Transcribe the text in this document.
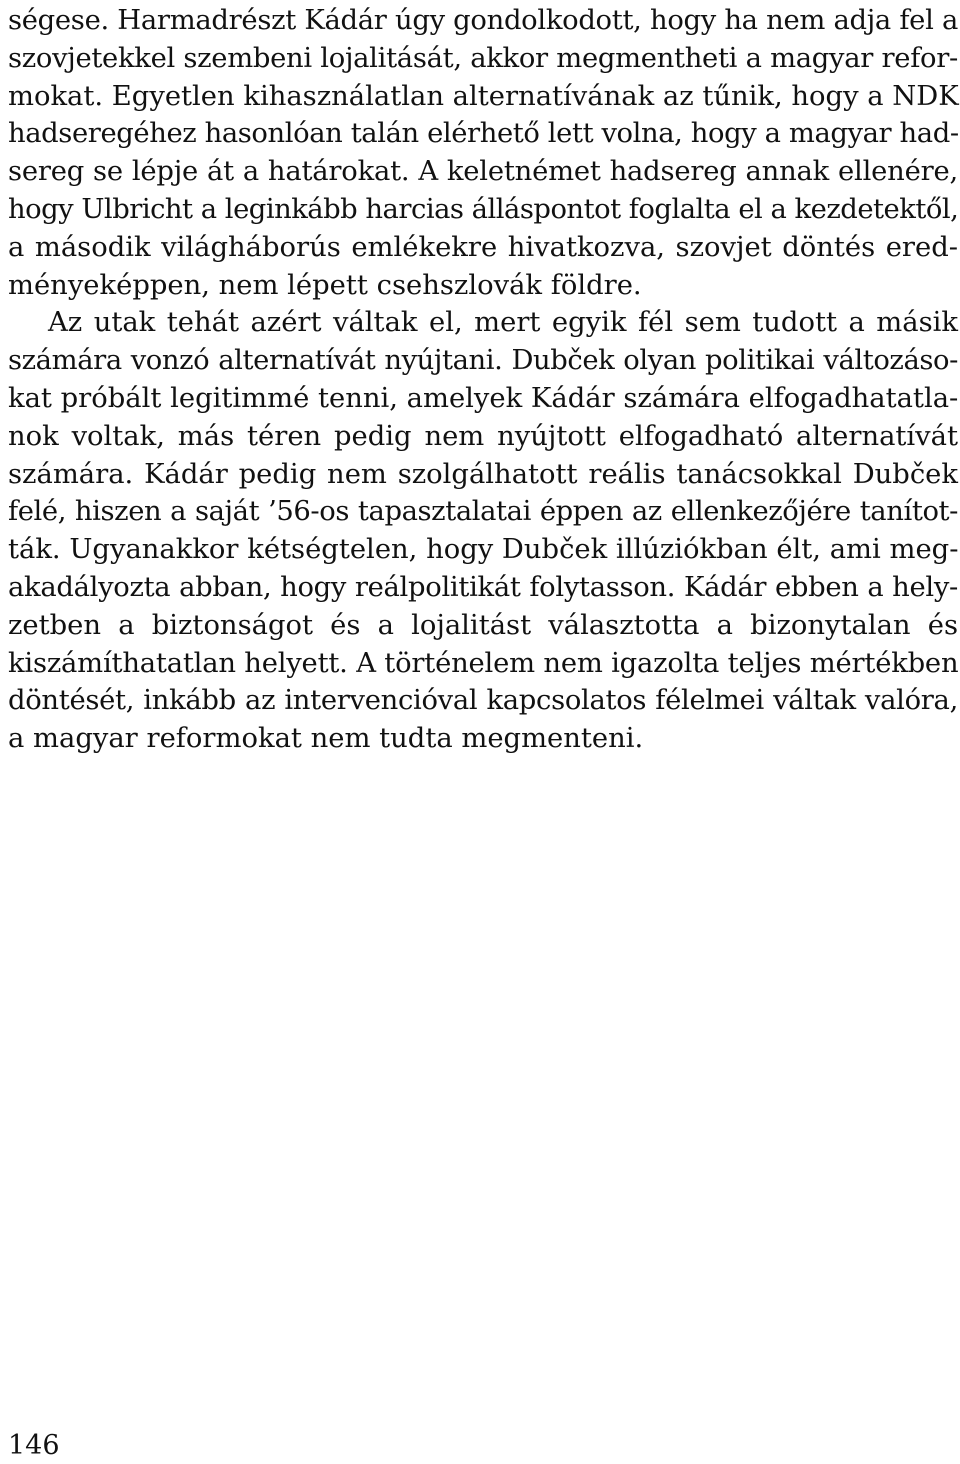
ségese. Harmadrészt Kádár úgy gondolkodott, hogy ha nem adja fel a
szovjetekkel szembeni lojalitását, akkor megmentheti a magyar refor-
mokat. Egyetlen kihasználatlan alternatívának az tűnik, hogy a NDK
hadseregéhez hasonlóan talán elérhető lett volna, hogy a magyar had-
sereg se lépje át a határokat. A keletnémet hadsereg annak ellenére,
hogy Ulbricht a leginkább harcias álláspontot foglalta el a kezdetektől,
a második világháborús emlékekre hivatkozva, szovjet döntés ered-
ményeképpen, nem lépett csehszlovák földre.
Az utak tehát azért váltak el, mert egyik fél sem tudott a másik
számára vonzó alternatívát nyújtani. Dubček olyan politikai változáso-
kat próbált legitimmé tenni, amelyek Kádár számára elfogadhatatla-
nok voltak, más téren pedig nem nyújtott elfogadható alternatívát
számára. Kádár pedig nem szolgálhatott reális tanácsokkal Dubček
felé, hiszen a saját ’56-os tapasztalatai éppen az ellenkezőjére tanítot-
ták. Ugyanakkor kétségtelen, hogy Dubček illúziókban élt, ami meg-
akadályozta abban, hogy reálpolitikát folytasson. Kádár ebben a hely-
zetben a biztonságot és a lojalitást választotta a bizonytalan és
kiszámíthatatlan helyett. A történelem nem igazolta teljes mértékben
döntését, inkább az intervencióval kapcsolatos félelmei váltak valóra,
a magyar reformokat nem tudta megmenteni.
146
